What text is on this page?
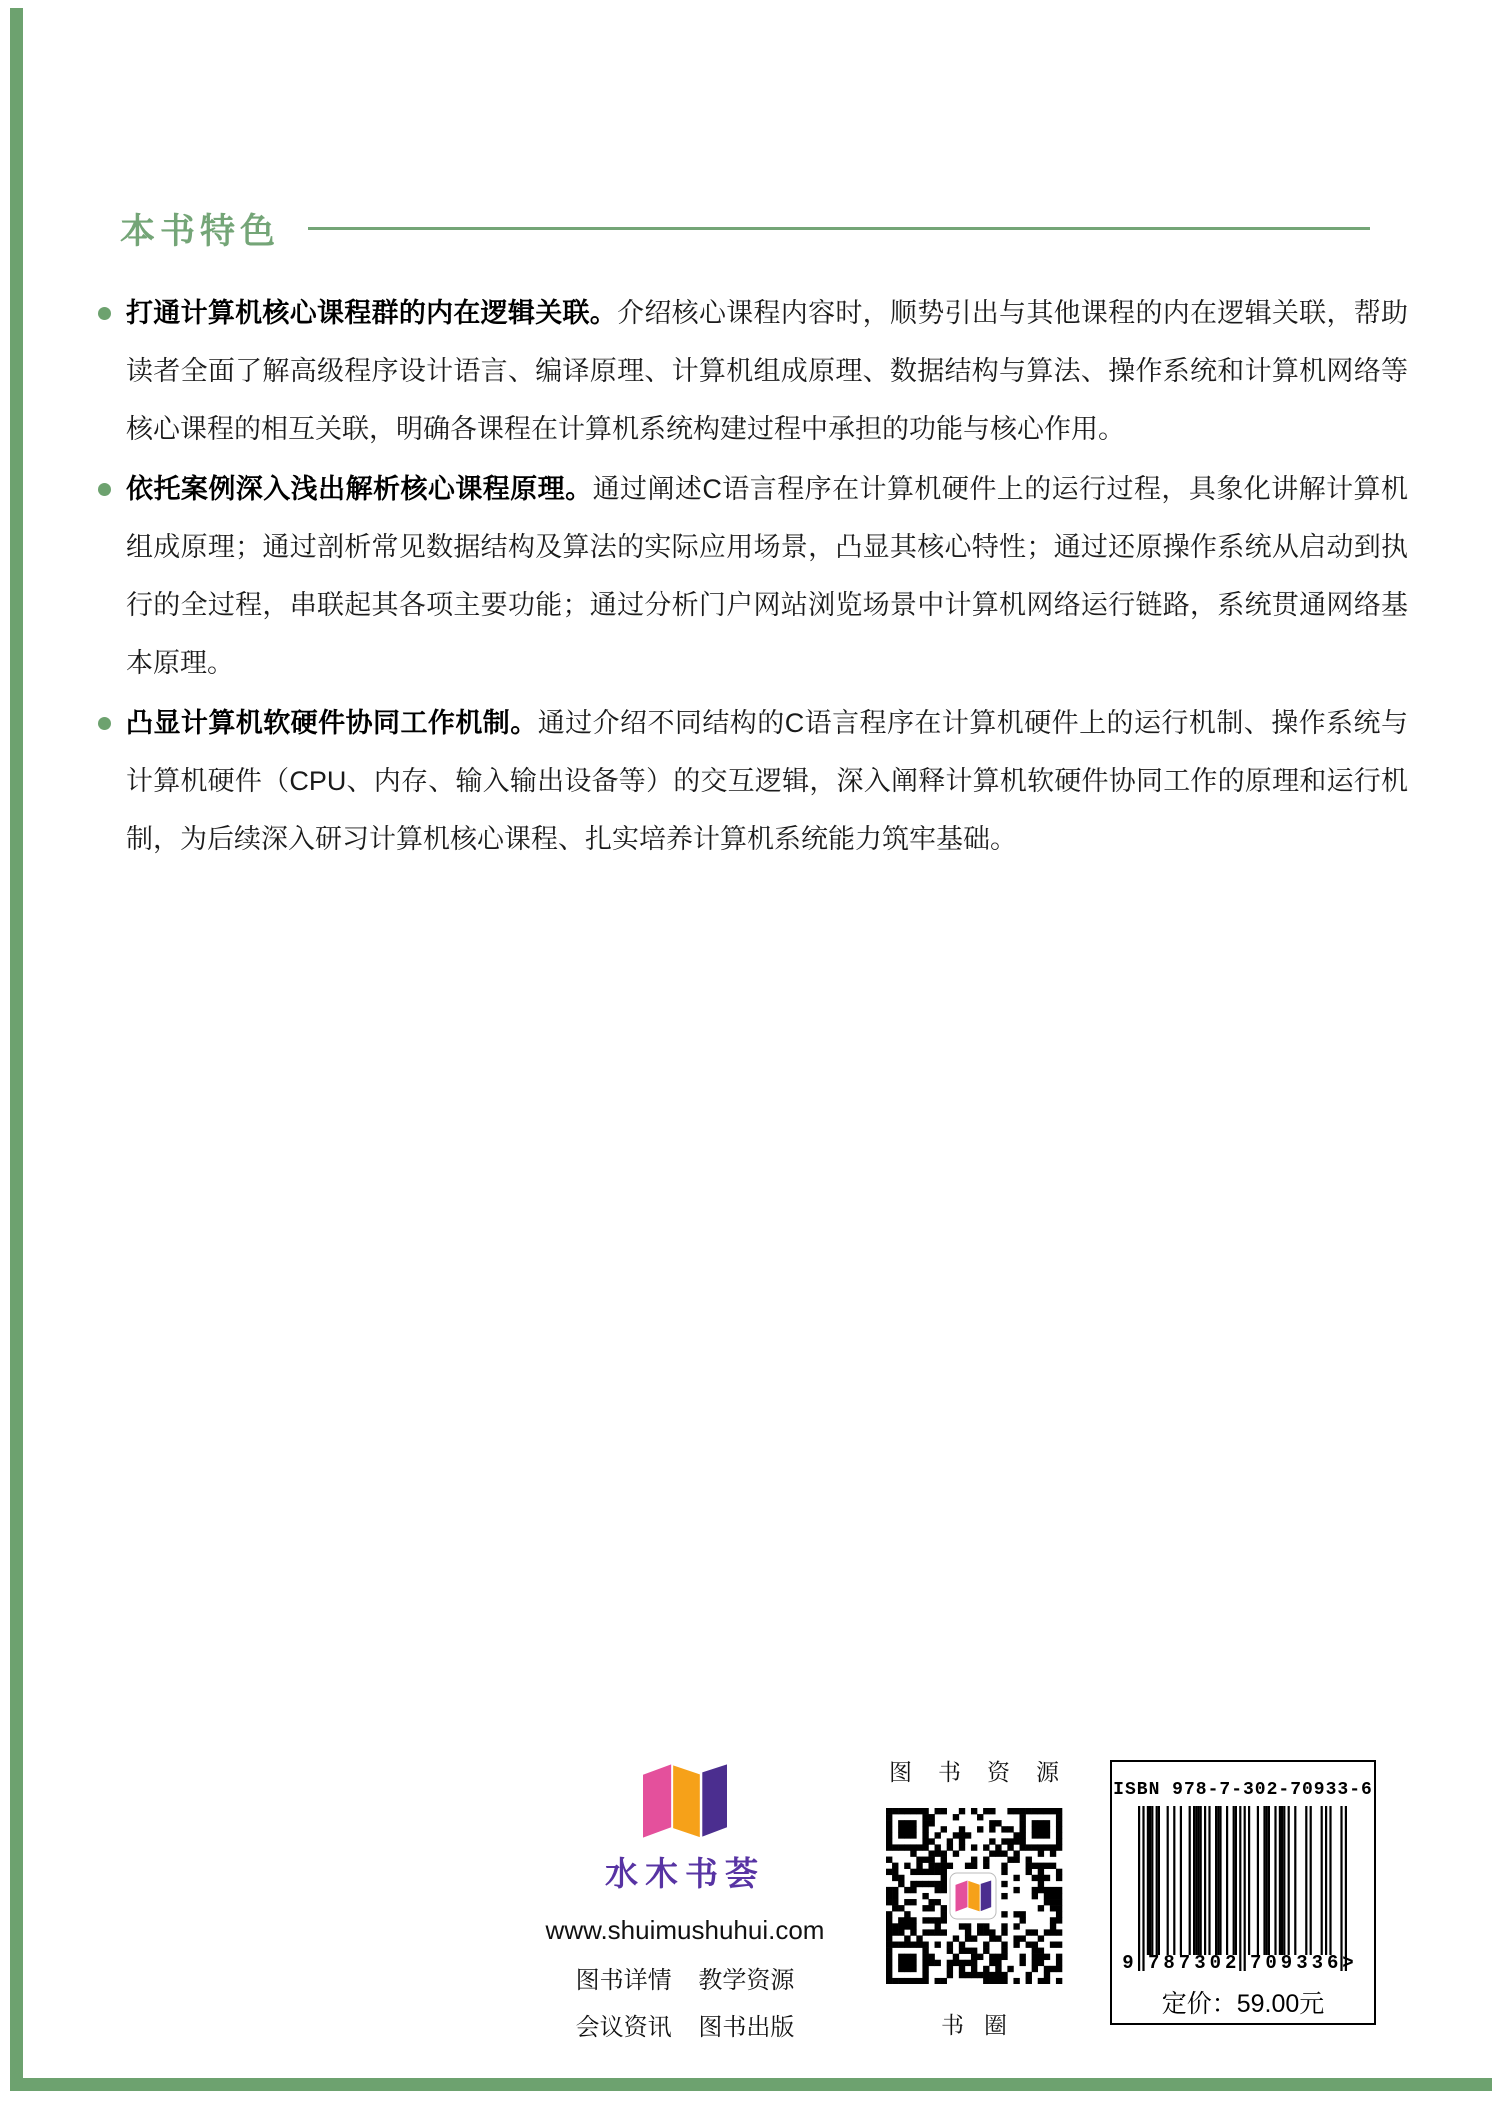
本书特色
打通计算机核心课程群的内在逻辑关联。介绍核心课程内容时，顺势引出与其他课程的内在逻辑关联，帮助读者全面了解高级程序设计语言、编译原理、计算机组成原理、数据结构与算法、操作系统和计算机网络等核心课程的相互关联，明确各课程在计算机系统构建过程中承担的功能与核心作用。
依托案例深入浅出解析核心课程原理。通过阐述C语言程序在计算机硬件上的运行过程，具象化讲解计算机组成原理；通过剖析常见数据结构及算法的实际应用场景，凸显其核心特性；通过还原操作系统从启动到执行的全过程，串联起其各项主要功能；通过分析门户网站浏览场景中计算机网络运行链路，系统贯通网络基本原理。
凸显计算机软硬件协同工作机制。通过介绍不同结构的C语言程序在计算机硬件上的运行机制、操作系统与计算机硬件（CPU、内存、输入输出设备等）的交互逻辑，深入阐释计算机软硬件协同工作的原理和运行机制，为后续深入研习计算机核心课程、扎实培养计算机系统能力筑牢基础。
水木书荟
www.shuimushuhui.com
图书详情 教学资源
会议资讯 图书出版
图书资源
书圈
ISBN 978-7-302-70933-6
9 787302 709336 >
定价：59.00元
